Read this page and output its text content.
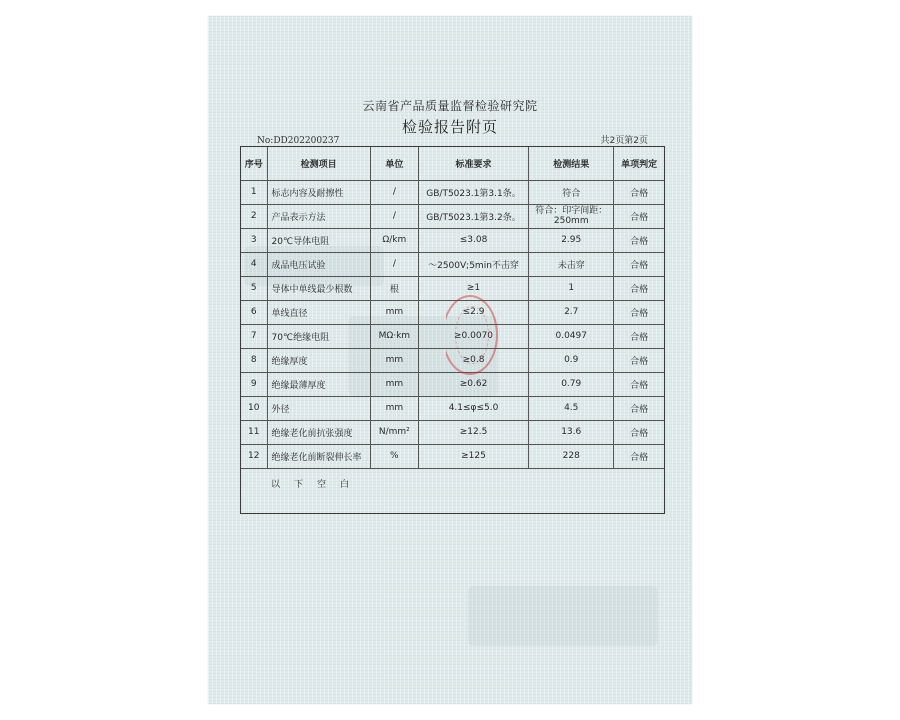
云南省产品质量监督检验研究院
检验报告附页
No:DD202200237	共2页第2页
序号	检测项目	单位	标准要求	检测结果	单项判定
1	标志内容及耐擦性	/	GB/T5023.1第3.1条。	符合	合格
2	产品表示方法	/	GB/T5023.1第3.2条。	符合：印字间距：250mm	合格
3	20℃导体电阻	Ω/km	≤3.08	2.95	合格
4	成品电压试验	/	～2500V;5min不击穿	未击穿	合格
5	导体中单线最少根数	根	≥1	1	合格
6	单线直径	mm	≤2.9	2.7	合格
7	70℃绝缘电阻	MΩ·km	≥0.0070	0.0497	合格
8	绝缘厚度	mm	≥0.8	0.9	合格
9	绝缘最薄厚度	mm	≥0.62	0.79	合格
10	外径	mm	4.1≤φ≤5.0	4.5	合格
11	绝缘老化前抗张强度	N/mm²	≥12.5	13.6	合格
12	绝缘老化前断裂伸长率	%	≥125	228	合格
以下空白					
